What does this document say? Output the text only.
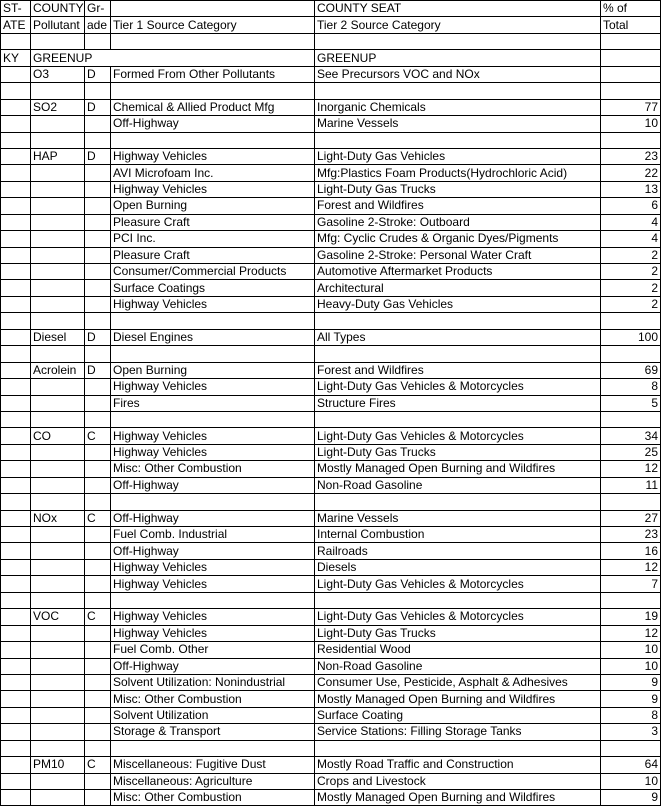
ST-	COUNTY	Gr-		COUNTY SEAT	% of
ATE	Pollutant	ade	Tier 1 Source Category	Tier 2 Source Category	Total

KY	GREENUP			GREENUP	
	O3	D	Formed From Other Pollutants	See Precursors VOC and NOx	

	SO2	D	Chemical & Allied Product Mfg	Inorganic Chemicals	77
			Off-Highway	Marine Vessels	10

	HAP	D	Highway Vehicles	Light-Duty Gas Vehicles	23
			AVI Microfoam Inc.	Mfg:Plastics Foam Products(Hydrochloric Acid)	22
			Highway Vehicles	Light-Duty Gas Trucks	13
			Open Burning	Forest and Wildfires	6
			Pleasure Craft	Gasoline 2-Stroke: Outboard	4
			PCI Inc.	Mfg: Cyclic Crudes & Organic Dyes/Pigments	4
			Pleasure Craft	Gasoline 2-Stroke: Personal Water Craft	2
			Consumer/Commercial Products	Automotive Aftermarket Products	2
			Surface Coatings	Architectural	2
			Highway Vehicles	Heavy-Duty Gas Vehicles	2

	Diesel	D	Diesel Engines	All Types	100

	Acrolein	D	Open Burning	Forest and Wildfires	69
			Highway Vehicles	Light-Duty Gas Vehicles & Motorcycles	8
			Fires	Structure Fires	5

	CO	C	Highway Vehicles	Light-Duty Gas Vehicles & Motorcycles	34
			Highway Vehicles	Light-Duty Gas Trucks	25
			Misc: Other Combustion	Mostly Managed Open Burning and Wildfires	12
			Off-Highway	Non-Road Gasoline	11

	NOx	C	Off-Highway	Marine Vessels	27
			Fuel Comb. Industrial	Internal Combustion	23
			Off-Highway	Railroads	16
			Highway Vehicles	Diesels	12
			Highway Vehicles	Light-Duty Gas Vehicles & Motorcycles	7

	VOC	C	Highway Vehicles	Light-Duty Gas Vehicles & Motorcycles	19
			Highway Vehicles	Light-Duty Gas Trucks	12
			Fuel Comb. Other	Residential Wood	10
			Off-Highway	Non-Road Gasoline	10
			Solvent Utilization: Nonindustrial	Consumer Use, Pesticide, Asphalt & Adhesives	9
			Misc: Other Combustion	Mostly Managed Open Burning and Wildfires	9
			Solvent Utilization	Surface Coating	8
			Storage & Transport	Service Stations: Filling Storage Tanks	3

	PM10	C	Miscellaneous: Fugitive Dust	Mostly Road Traffic and Construction	64
			Miscellaneous: Agriculture	Crops and Livestock	10
			Misc: Other Combustion	Mostly Managed Open Burning and Wildfires	9
